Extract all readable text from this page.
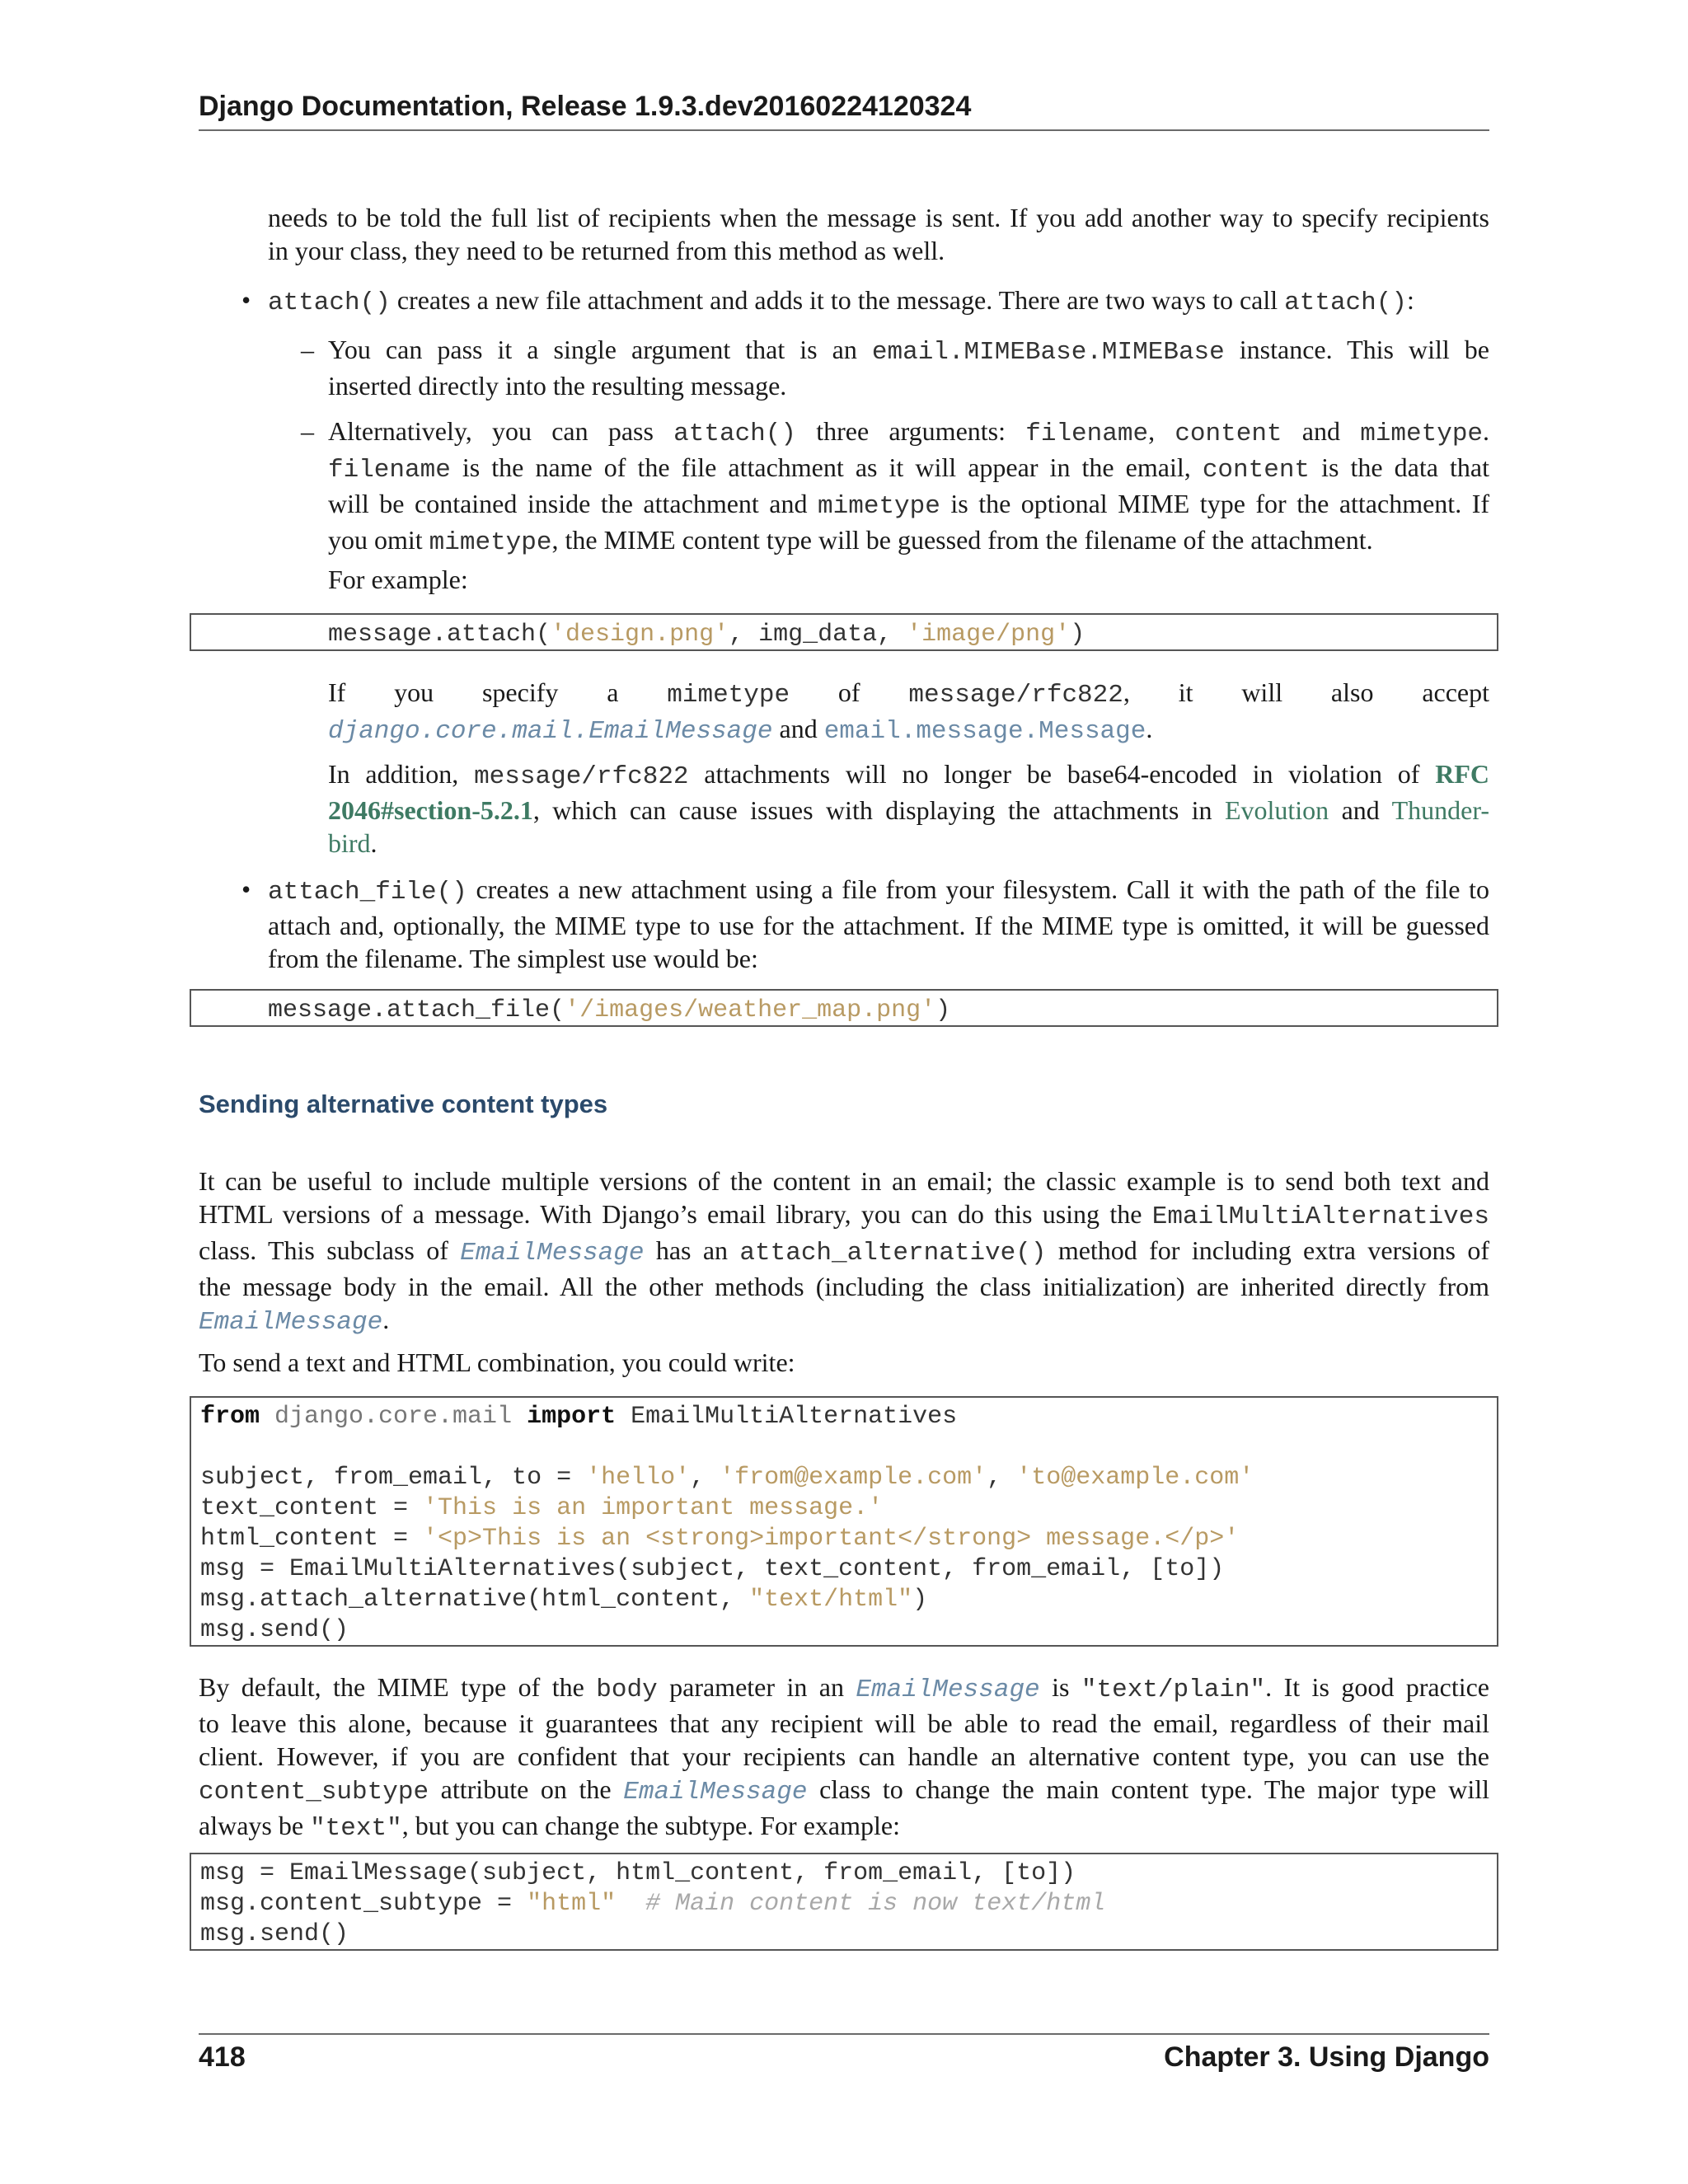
Django Documentation, Release 1.9.3.dev20160224120324
needs to be told the full list of recipients when the message is sent. If you add another way to specify recipients
in your class, they need to be returned from this method as well.
• attach() creates a new file attachment and adds it to the message. There are two ways to call attach():
– You can pass it a single argument that is an email.MIMEBase.MIMEBase instance. This will be
inserted directly into the resulting message.
– Alternatively, you can pass attach() three arguments: filename, content and mimetype.
filename is the name of the file attachment as it will appear in the email, content is the data that
will be contained inside the attachment and mimetype is the optional MIME type for the attachment. If
you omit mimetype, the MIME content type will be guessed from the filename of the attachment.
For example:
message.attach('design.png', img_data, 'image/png')
If you specify a mimetype of message/rfc822, it will also accept
django.core.mail.EmailMessage and email.message.Message.
In addition, message/rfc822 attachments will no longer be base64-encoded in violation of RFC
2046#section-5.2.1, which can cause issues with displaying the attachments in Evolution and Thunder-
bird.
• attach_file() creates a new attachment using a file from your filesystem. Call it with the path of the file to
attach and, optionally, the MIME type to use for the attachment. If the MIME type is omitted, it will be guessed
from the filename. The simplest use would be:
message.attach_file('/images/weather_map.png')
Sending alternative content types
It can be useful to include multiple versions of the content in an email; the classic example is to send both text and
HTML versions of a message. With Django’s email library, you can do this using the EmailMultiAlternatives
class. This subclass of EmailMessage has an attach_alternative() method for including extra versions of
the message body in the email. All the other methods (including the class initialization) are inherited directly from
EmailMessage.
To send a text and HTML combination, you could write:
from django.core.mail import EmailMultiAlternatives

subject, from_email, to = 'hello', 'from@example.com', 'to@example.com'
text_content = 'This is an important message.'
html_content = '<p>This is an <strong>important</strong> message.</p>'
msg = EmailMultiAlternatives(subject, text_content, from_email, [to])
msg.attach_alternative(html_content, "text/html")
msg.send()
By default, the MIME type of the body parameter in an EmailMessage is "text/plain". It is good practice
to leave this alone, because it guarantees that any recipient will be able to read the email, regardless of their mail
client. However, if you are confident that your recipients can handle an alternative content type, you can use the
content_subtype attribute on the EmailMessage class to change the main content type. The major type will
always be "text", but you can change the subtype. For example:
msg = EmailMessage(subject, html_content, from_email, [to])
msg.content_subtype = "html" # Main content is now text/html
msg.send()
418	Chapter 3. Using Django
